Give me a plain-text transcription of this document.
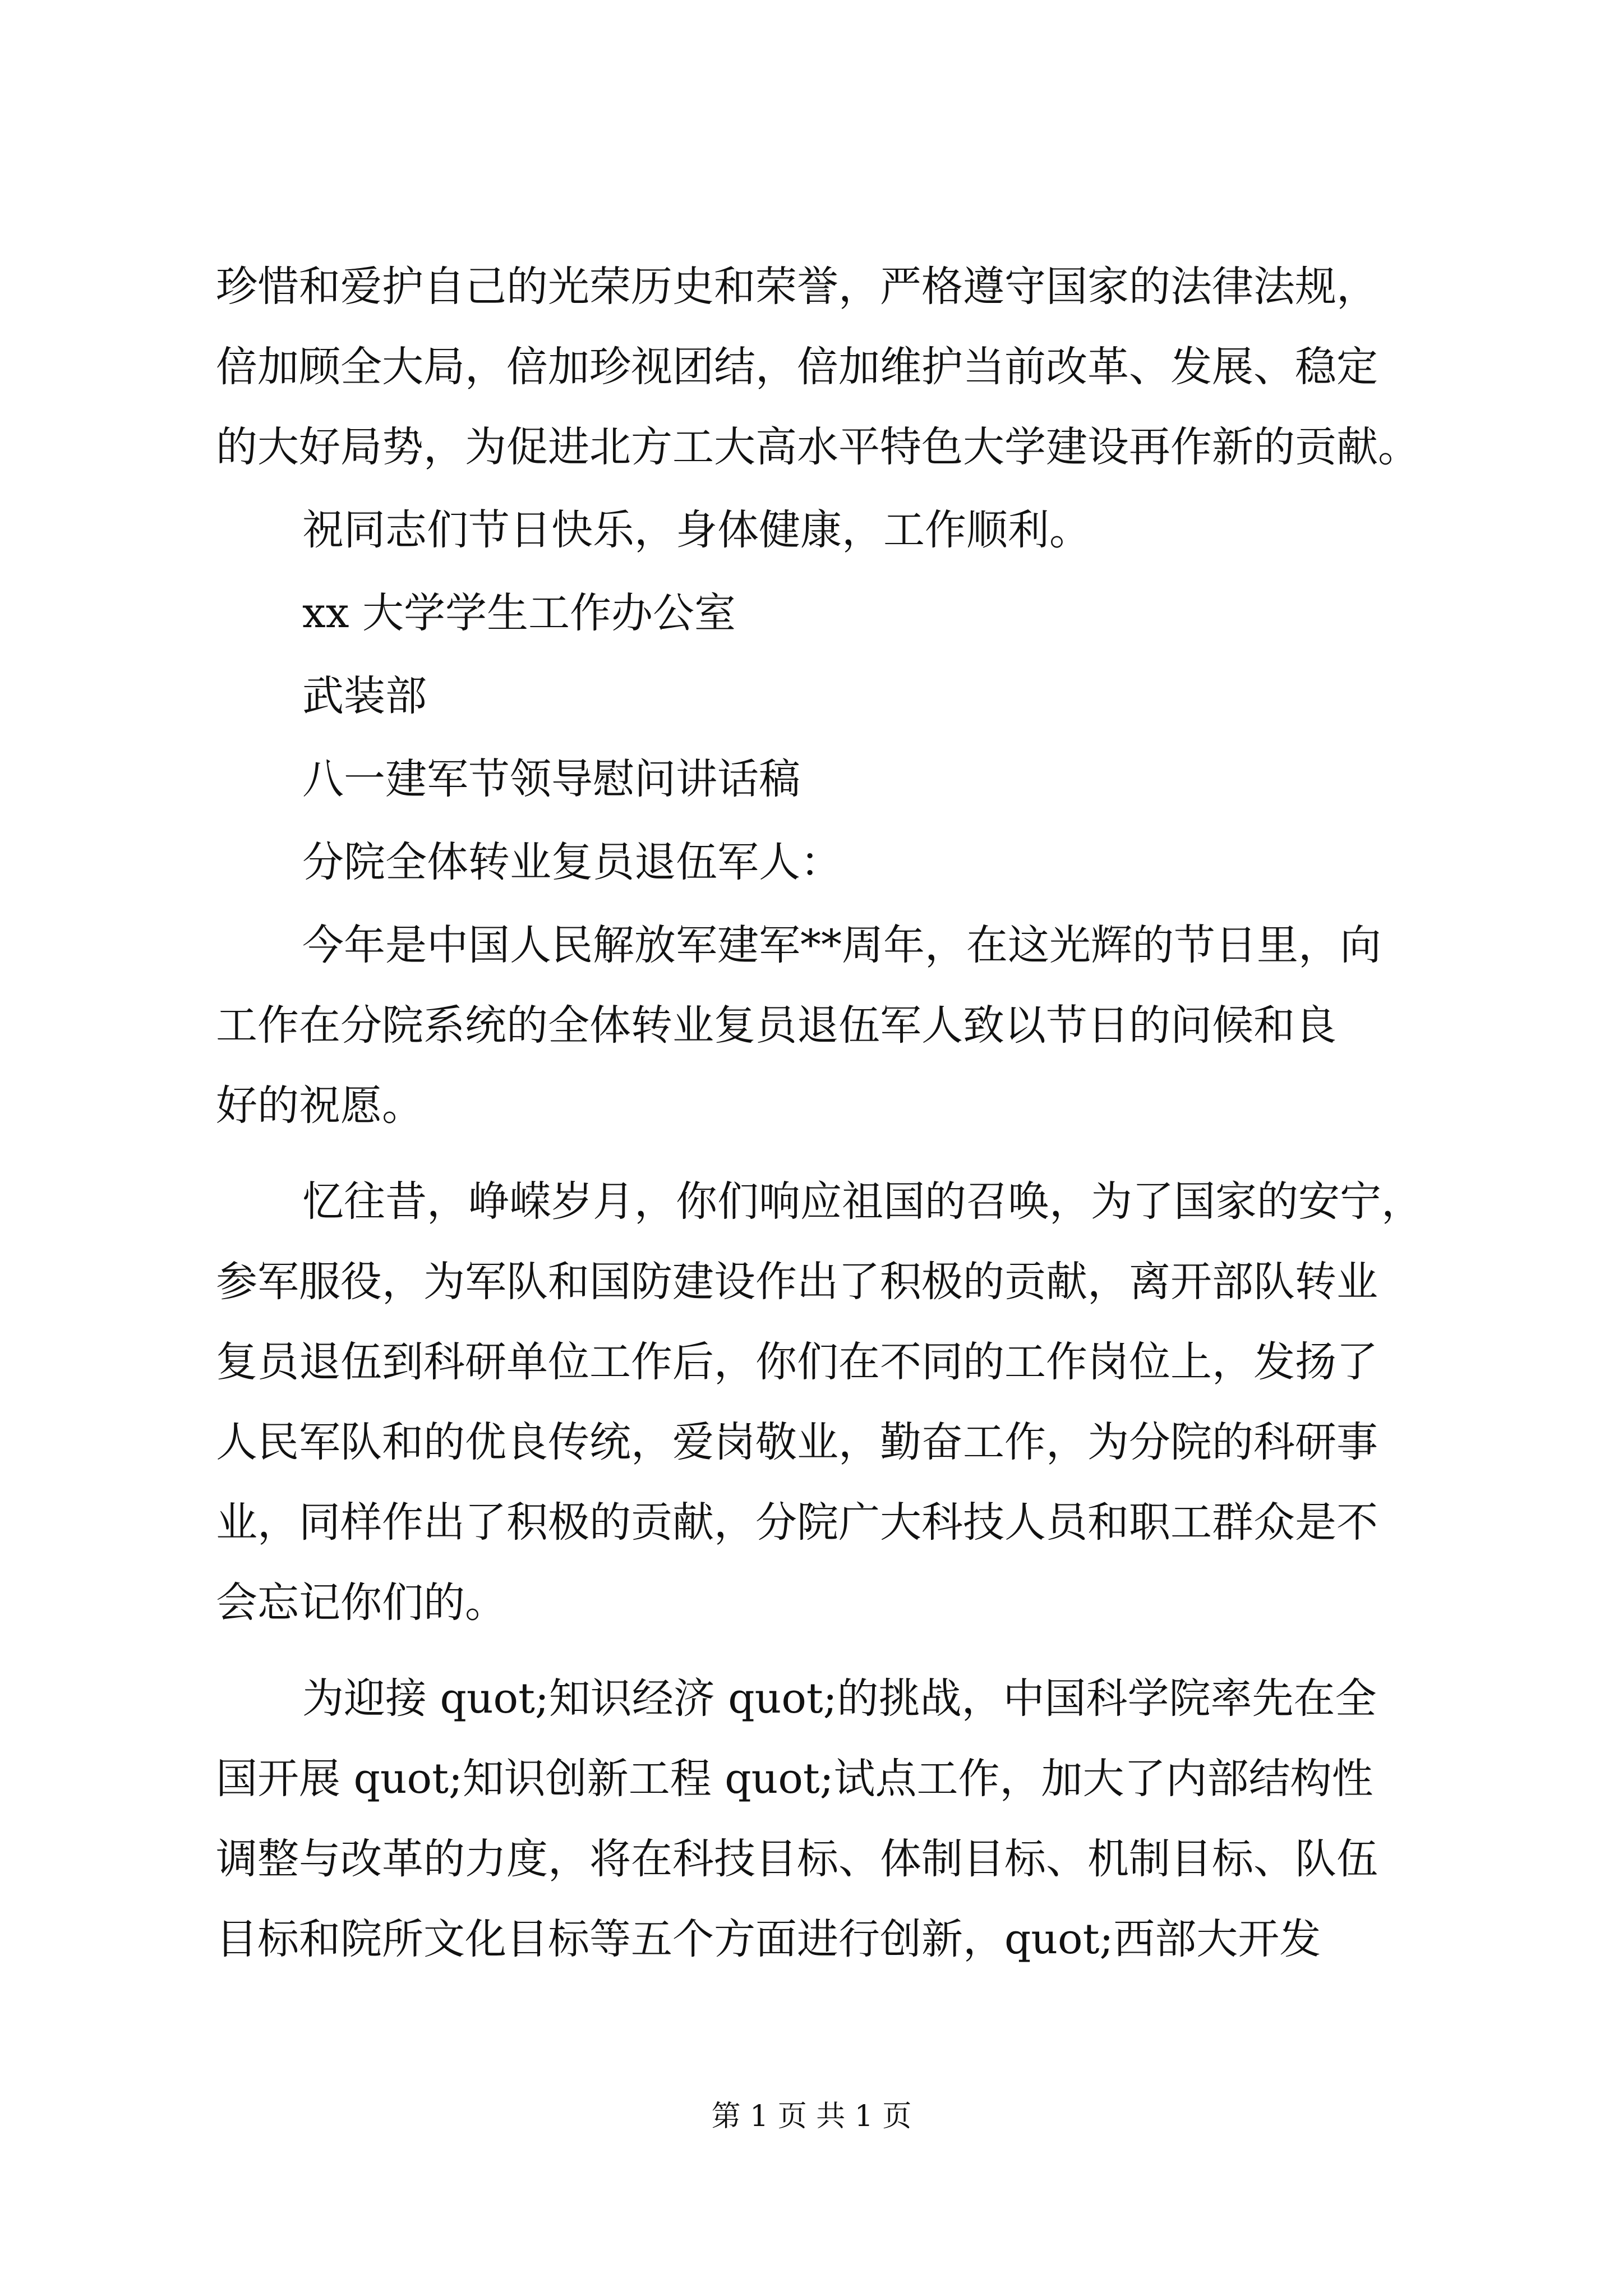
珍惜和爱护自己的光荣历史和荣誉，严格遵守国家的法律法规，
倍加顾全大局，倍加珍视团结，倍加维护当前改革、发展、稳定
的大好局势，为促进北方工大高水平特色大学建设再作新的贡献。
祝同志们节日快乐，身体健康，工作顺利。
xx 大学学生工作办公室
武装部
八一建军节领导慰问讲话稿
分院全体转业复员退伍军人：
今年是中国人民解放军建军**周年，在这光辉的节日里，向
工作在分院系统的全体转业复员退伍军人致以节日的问候和良
好的祝愿。
忆往昔，峥嵘岁月，你们响应祖国的召唤，为了国家的安宁，
参军服役，为军队和国防建设作出了积极的贡献，离开部队转业
复员退伍到科研单位工作后，你们在不同的工作岗位上，发扬了
人民军队和的优良传统，爱岗敬业，勤奋工作，为分院的科研事
业，同样作出了积极的贡献，分院广大科技人员和职工群众是不
会忘记你们的。
为迎接 quot;知识经济 quot;的挑战，中国科学院率先在全
国开展 quot;知识创新工程 quot;试点工作，加大了内部结构性
调整与改革的力度，将在科技目标、体制目标、机制目标、队伍
目标和院所文化目标等五个方面进行创新，quot;西部大开发
第 1 页 共 1 页
